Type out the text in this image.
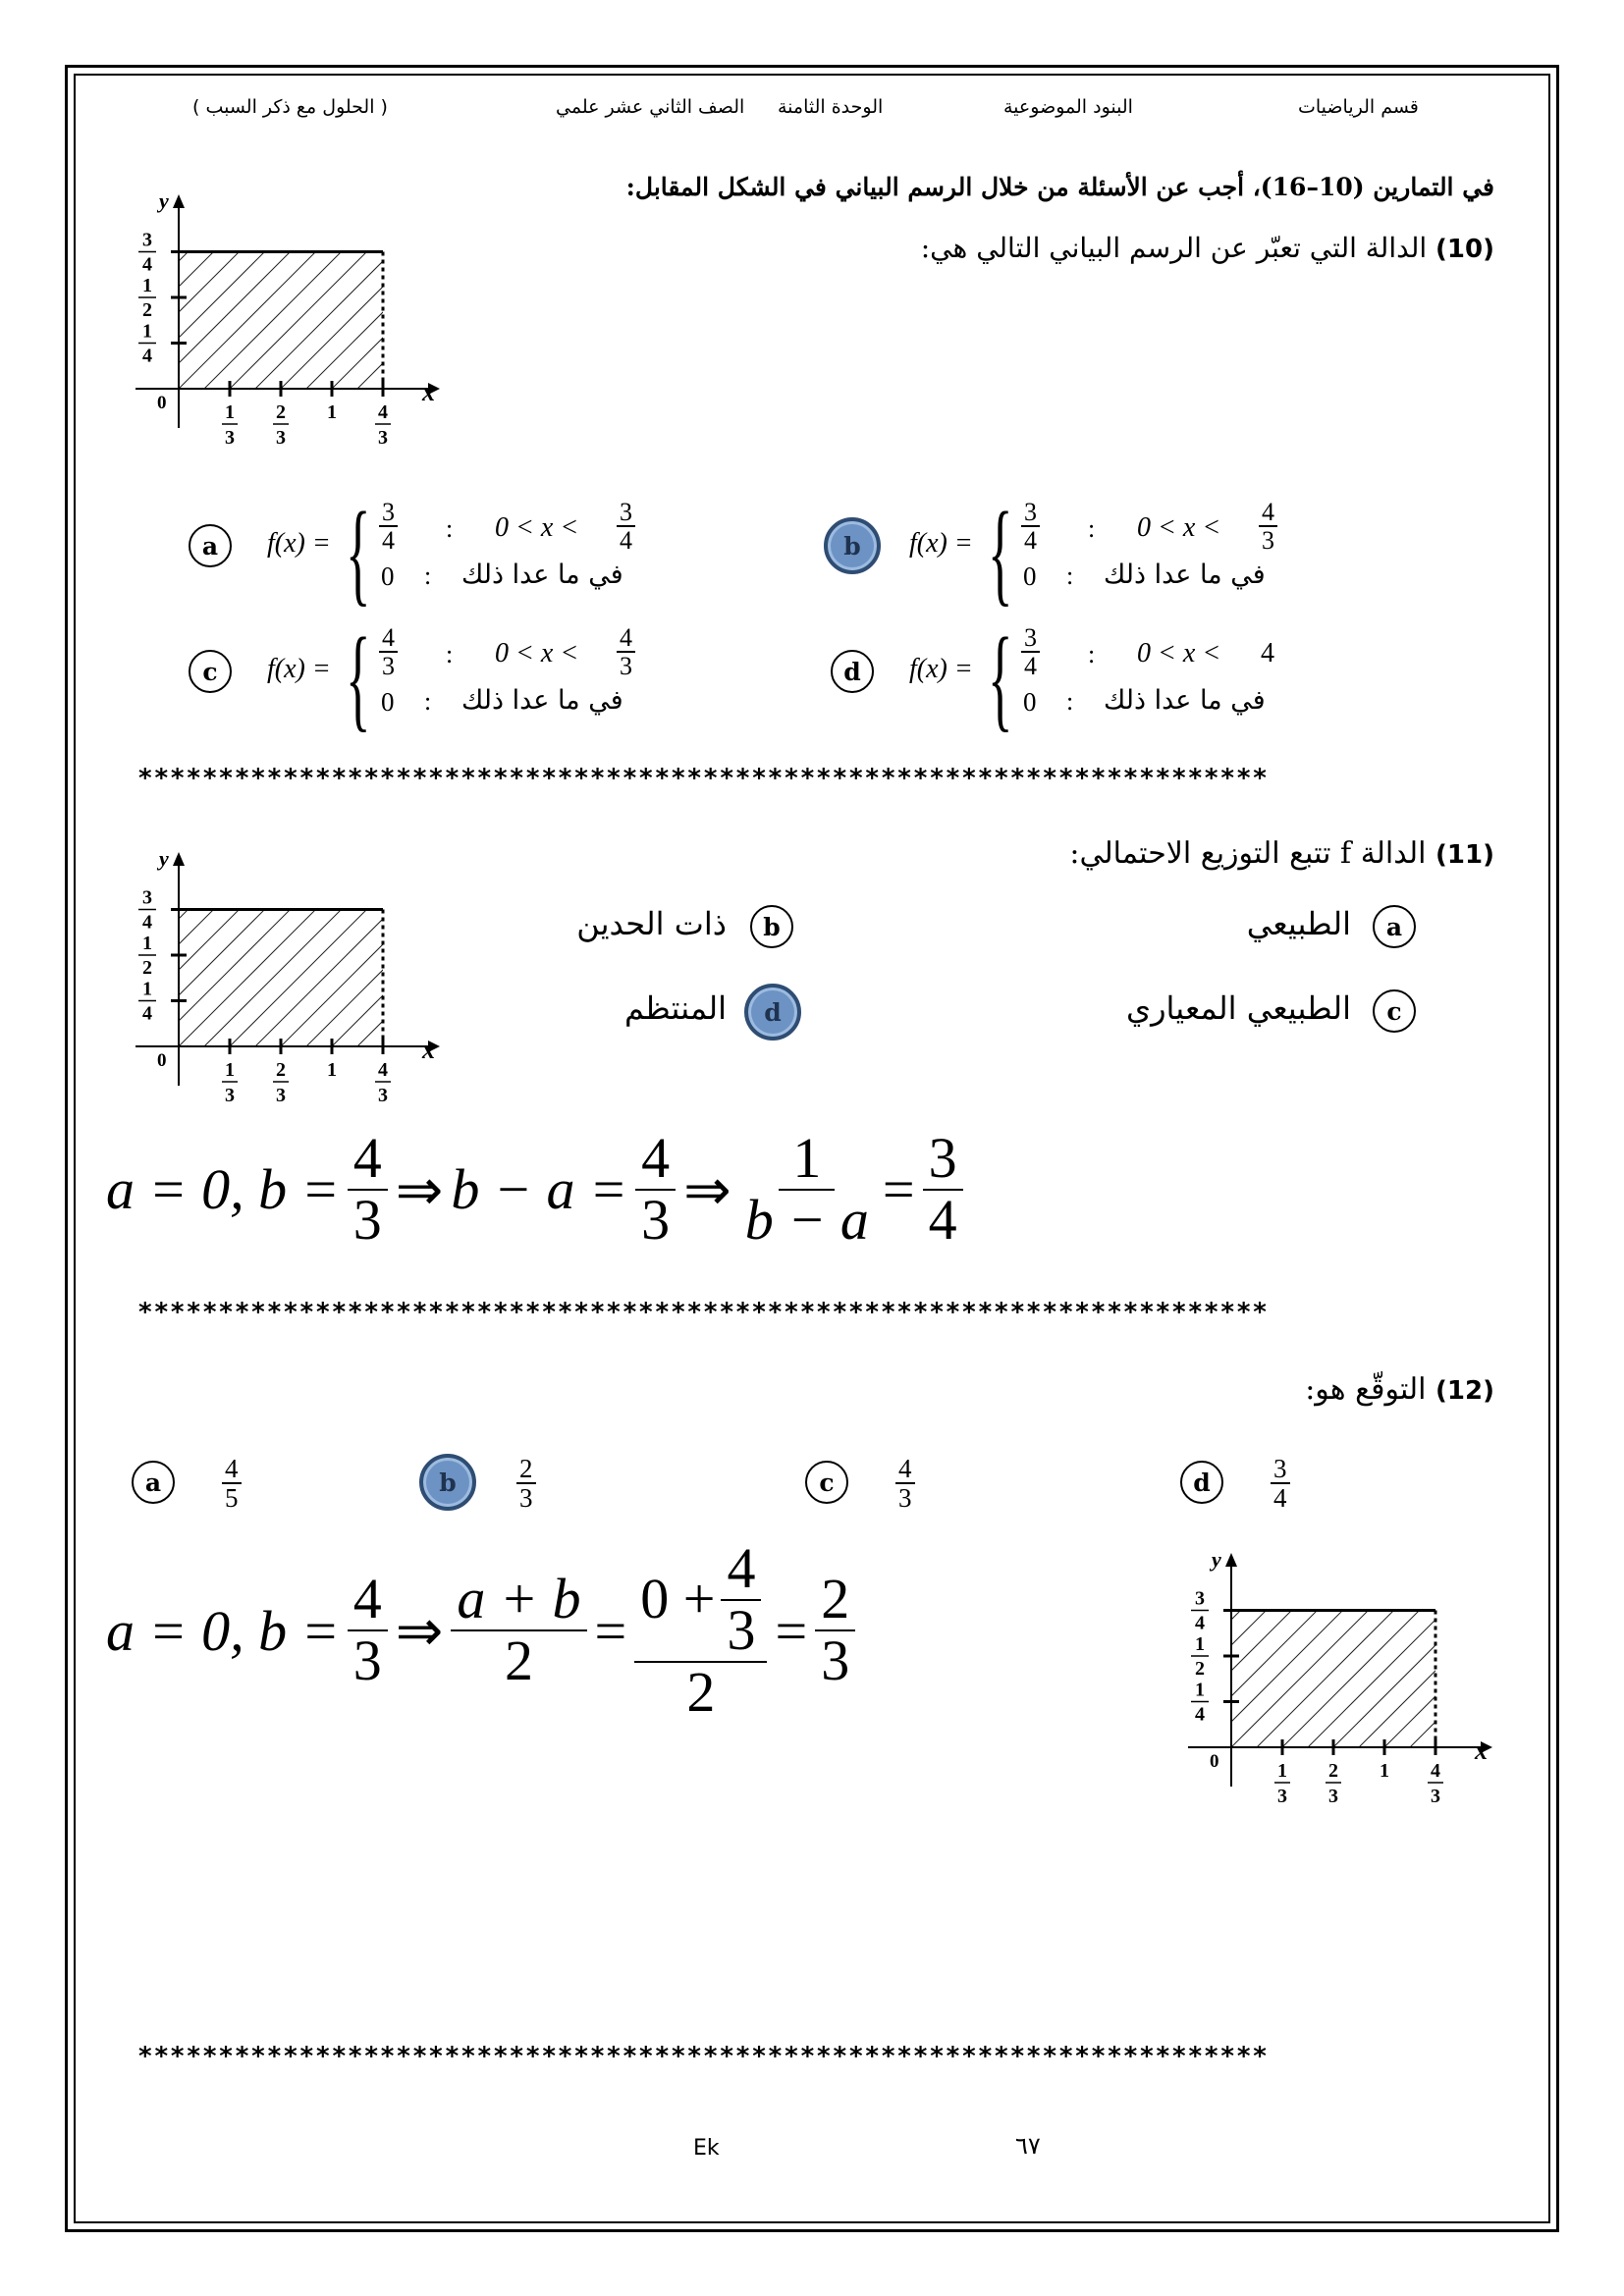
قسم الرياضيات
البنود الموضوعية
الوحدة الثامنة
الصف الثاني عشر علمي
( الحلول مع ذكر السبب )
في التمارين (10–16)، أجب عن الأسئلة من خلال الرسم البياني في الشكل المقابل:
(10) الدالة التي تعبّر عن الرسم البياني التالي هي:
x
y
0	1
3
2
3
1 4
3
1
4
1
2
3
4
x
y
0	1
3
2
3
1 4
3
1
4
1
2
3
4
x
y
0	1
3
2
3
1 4
3
1
4
1
2
3
4
a	f(x) = { $\frac{3}{4}$ : $0 < x < \frac{3}{4}$
0 : في ما عدا ذلك
b	f(x) = { $\frac{3}{4}$ : $0 < x < \frac{4}{3}$
0 : في ما عدا ذلك
c	f(x) = { $\frac{4}{3}$ : $0 < x < \frac{4}{3}$
0 : في ما عدا ذلك
d	f(x) = { $\frac{3}{4}$ : 0 < x < 4
0 : في ما عدا ذلك
**********************************************************************
(11) الدالة f تتبع التوزيع الاحتمالي:
a
الطبيعي
b
ذات الحدين
c
الطبيعي المعياري
d
المنتظم
a = 0, $b = \frac{4}{3}$ ⇒ $b - a = \frac{4}{3}$ ⇒ $\frac{1}{b - a} = \frac{3}{4}$
**********************************************************************
(12) التوقّع هو:
a	$\frac{4}{5}$	b	$\frac{2}{3}$	c	$\frac{4}{3}$	d	$\frac{3}{4}$
a = 0, $b = \frac{4}{3}$ ⇒ $\frac{a + b}{2} = \frac{0 + \frac{4}{3}}{2} = \frac{2}{3}$
**********************************************************************
Ek	٦٧
